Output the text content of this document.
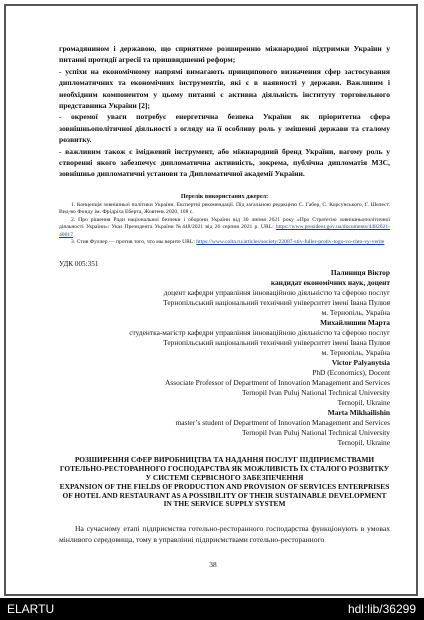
громадянином і державою, що сприятиме розширенню міжнародної підтримки України у питанні протидії агресії та пришвидшенні реформ;

- успіхи на економічному напрямі вимагають принципового визначення сфер застосування дипломатичних та економічних інструментів, які є в наявності у держави. Важливим і необхідним компонентом у цьому питанні є активна діяльність інституту торговельного представника України [2];

- окремої уваги потребує енергетична безпека України як пріоритетна сфера зовнішньополітичної діяльності з огляду на її особливу роль у змішенні держави та сталому розвитку.

- важливим також є іміджевий інструмент, або міжнародний бренд України, вагому роль у створенні якого забезпечує дипломатична активність, зокрема, публічна дипломатія МЗС, зовнішньо дипломатичні установи та Дипломатичної академії України.

Перелік використаних джерел:

1. Концепція зовнішньої політики України. Експертні рекомендації. Під загальною редакцією С. Габер, С. Корсунського, Г. Шелест. Вид-во Фонду ім. Фрідріха Еберта, Жовтень 2020, 108 с.

2. Про рішення Ради національної безпеки і оборони України від 30 липня 2021 року «Про Стратегію зовнішньополітичної діяльності України»: Указ Президента України №448/2021 від 26 серпня 2021 р. URL: https://www.president.gov.ua/documents/4482021-40017

3. Стив Фуллер — против того, что мы верите URL: https://www.colta.ru/articles/society/22087-stiv-fuller-protiv-togo-vo-chto-vy-verite

УДК 005:351

Палиниця Віктор

кандидат економічних наук, доцент

доцент кафедри управління інноваційною діяльністю та сферою послуг

Тернопільський національний технічний університет імені Івана Пулюя

м. Тернопіль, Україна

Михайлишин Марта

студентка-магістр кафедри управління інноваційною діяльністю та сферою послуг

Тернопільський національний технічний університет імені Івана Пулюя

м. Тернопіль, Україна

Victor Palyanytsia

PhD (Economics), Docent

Associate Professor of Department of Innovation Management and Services

Ternopil Ivan Puluj National Technical University

Ternopil, Ukraine

Marta Mikhailishin

master’s student of Department of Innovation Management and Services

Ternopil Ivan Puluj National Technical University

Ternopil, Ukraine

РОЗШИРЕННЯ СФЕР ВИРОБНИЦТВА ТА НАДАННЯ ПОСЛУГ ПІДПРИЄМСТВАМИ ГОТЕЛЬНО-РЕСТОРАННОГО ГОСПОДАРСТВА ЯК МОЖЛИВІСТЬ ЇХ СТАЛОГО РОЗВИТКУ У СИСТЕМІ СЕРВІСНОГО ЗАБЕЗПЕЧЕННЯ

EXPANSION OF THE FIELDS OF PRODUCTION AND PROVISION OF SERVICES ENTERPRISES OF HOTEL AND RESTAURANT AS A POSSIBILITY OF THEIR SUSTAINABLE DEVELOPMENT IN THE SERVICE SUPPLY SYSTEM

На сучасному етапі підприємства готельно-ресторанного господарства функціонують в умовах мінливого середовища, тому в управлінні підприємствами готельно-ресторанного

38
ELARTU	hdl:lib/36299
